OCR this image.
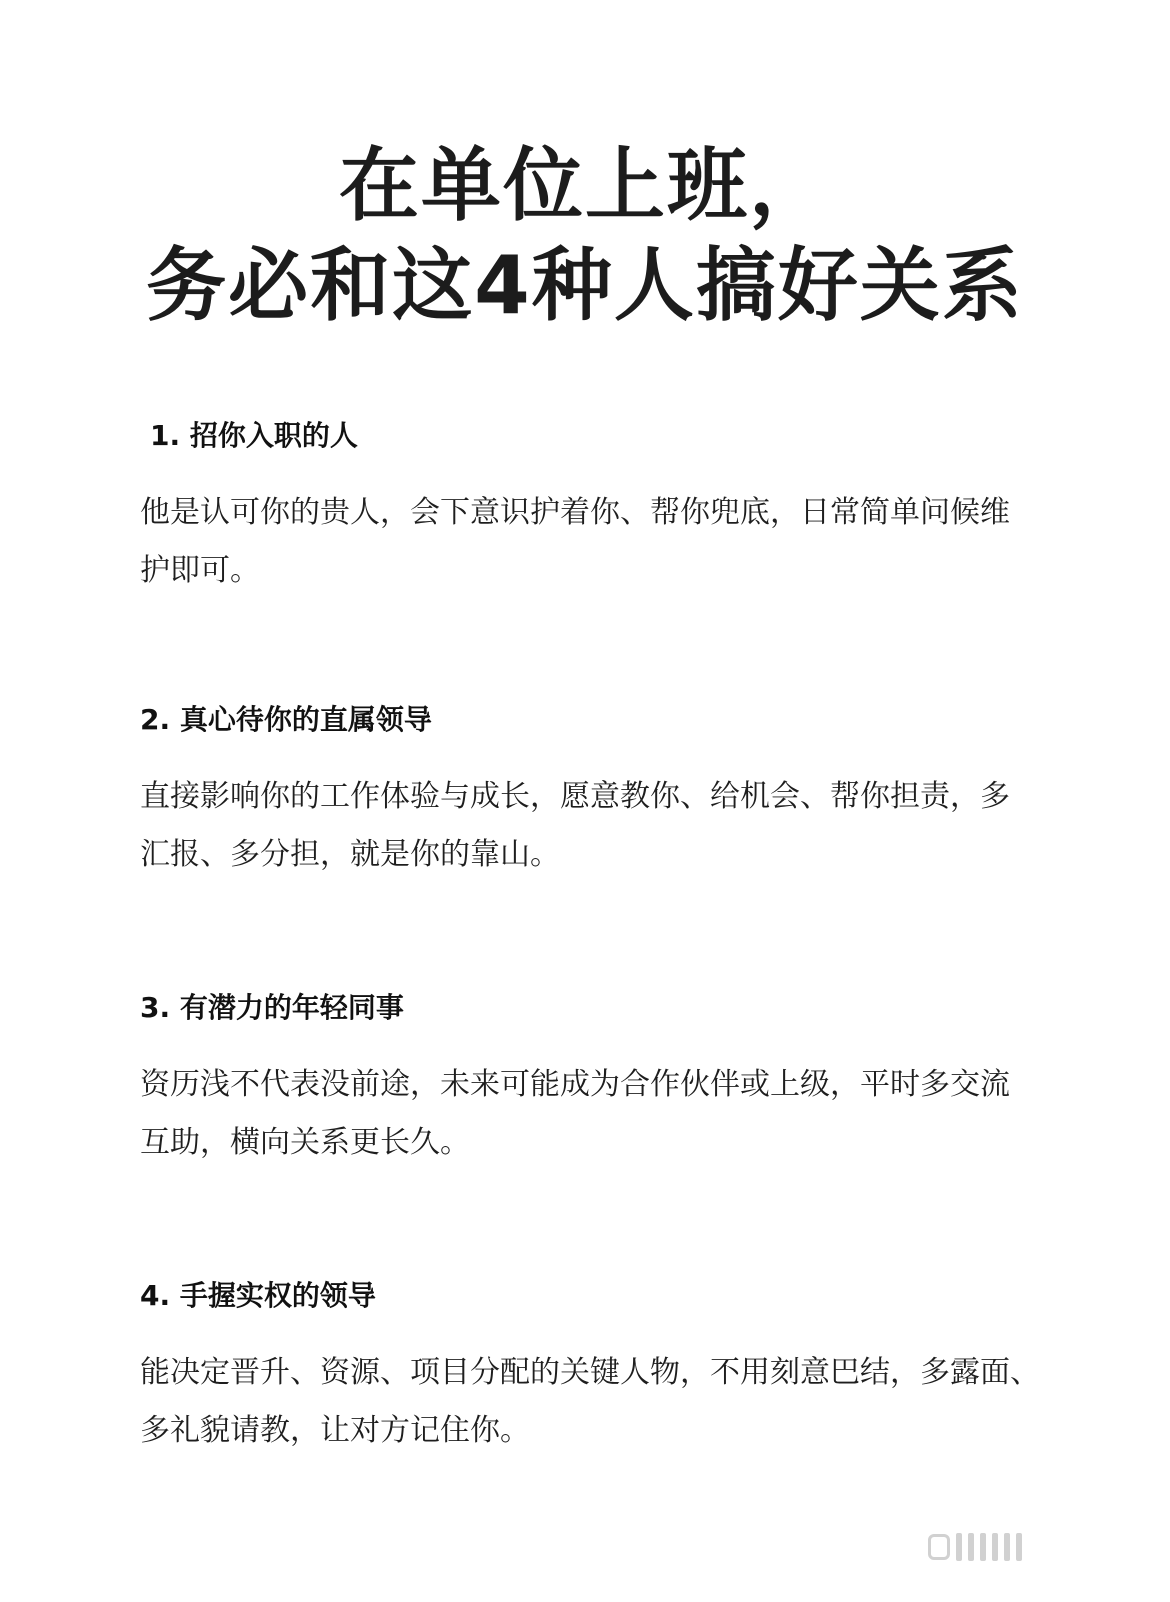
在单位上班，
务必和这4种人搞好关系
1. 招你入职的人
他是认可你的贵人，会下意识护着你、帮你兜底，日常简单问候维
护即可。
2. 真心待你的直属领导
直接影响你的工作体验与成长，愿意教你、给机会、帮你担责，多
汇报、多分担，就是你的靠山。
3. 有潜力的年轻同事
资历浅不代表没前途，未来可能成为合作伙伴或上级，平时多交流
互助，横向关系更长久。
4. 手握实权的领导
能决定晋升、资源、项目分配的关键人物，不用刻意巴结，多露面、
多礼貌请教，让对方记住你。
